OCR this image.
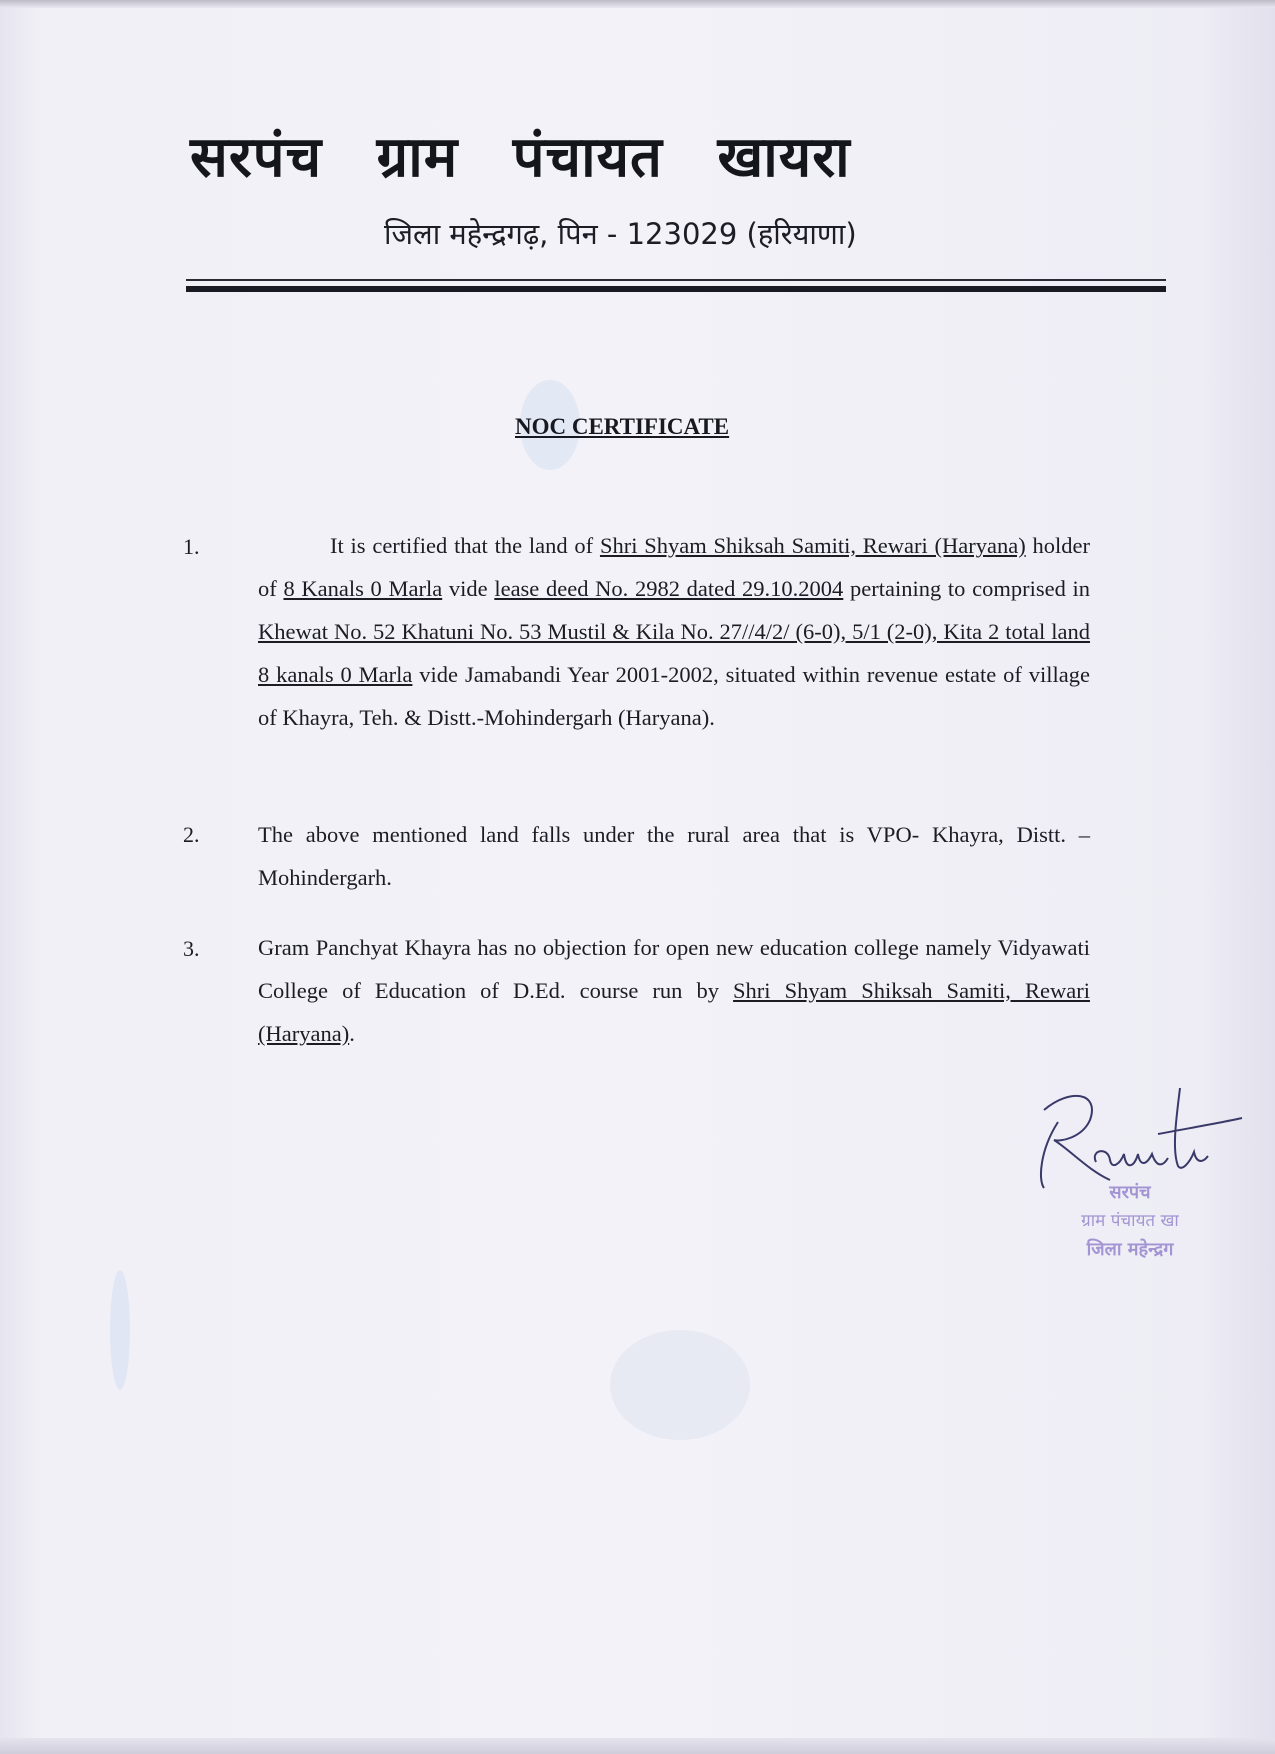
सरपंच ग्राम पंचायत खायरा
जिला महेन्द्रगढ़, पिन - 123029 (हरियाणा)
NOC CERTIFICATE
1.	It is certified that the land of Shri Shyam Shiksah Samiti, Rewari (Haryana) holder of 8 Kanals 0 Marla vide lease deed No. 2982 dated 29.10.2004 pertaining to comprised in Khewat No. 52 Khatuni No. 53 Mustil & Kila No. 27//4/2/ (6-0), 5/1 (2-0), Kita 2 total land 8 kanals 0 Marla vide Jamabandi Year 2001-2002, situated within revenue estate of village of Khayra, Teh. & Distt.-Mohindergarh (Haryana).
2.	The above mentioned land falls under the rural area that is VPO- Khayra, Distt. – Mohindergarh.
3.	Gram Panchyat Khayra has no objection for open new education college namely Vidyawati College of Education of D.Ed. course run by Shri Shyam Shiksah Samiti, Rewari (Haryana).
सरपंच
ग्राम पंचायत खा
जिला महेन्द्रग
